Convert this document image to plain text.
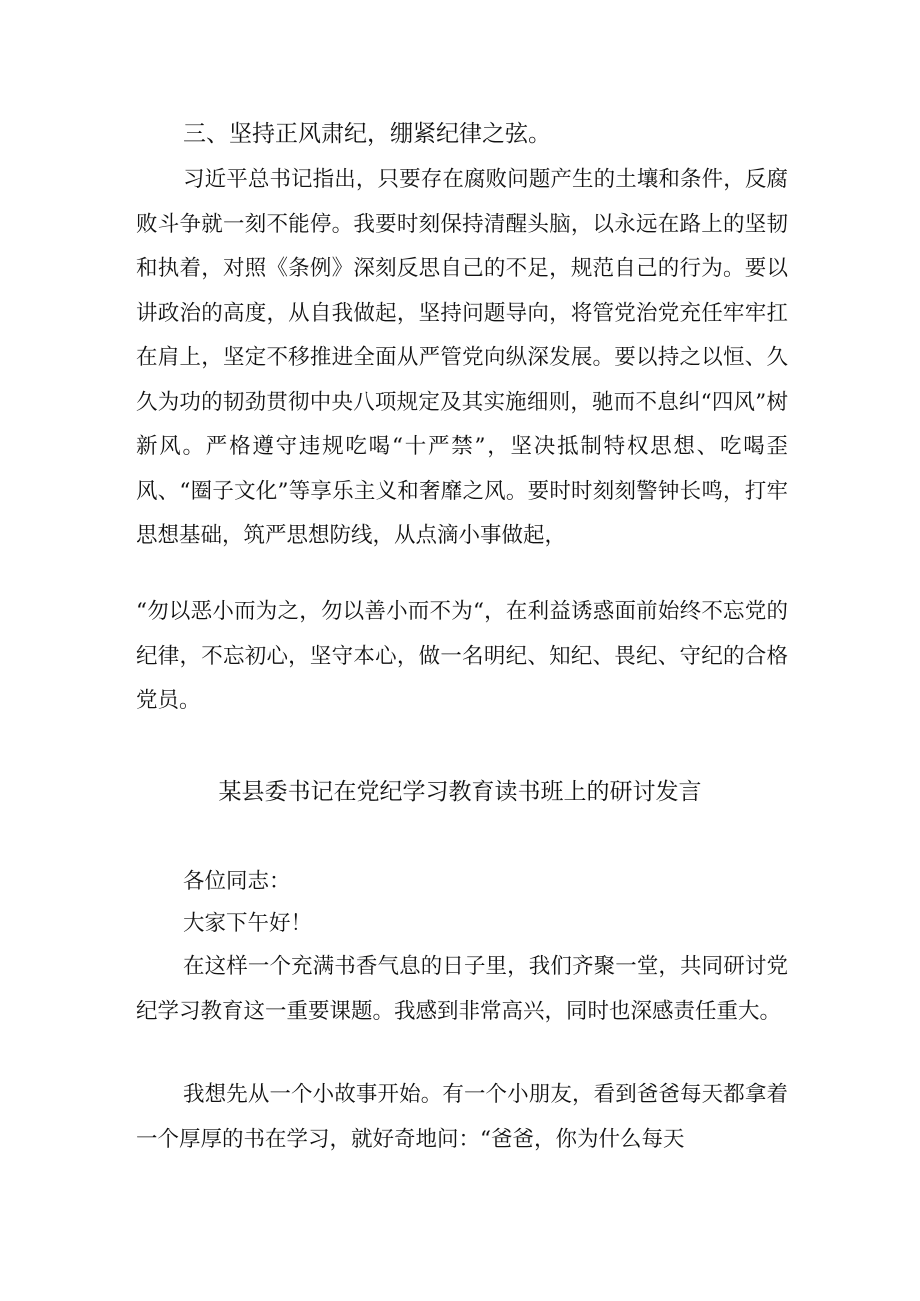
三、坚持正风肃纪，绷紧纪律之弦。
习近平总书记指出，只要存在腐败问题产生的土壤和条件，反腐败斗争就一刻不能停。我要时刻保持清醒头脑，以永远在路上的坚韧和执着，对照《条例》深刻反思自己的不足，规范自己的行为。要以讲政治的高度，从自我做起，坚持问题导向，将管党治党充任牢牢扛在肩上，坚定不移推进全面从严管党向纵深发展。要以持之以恒、久久为功的韧劲贯彻中央八项规定及其实施细则，驰而不息纠“四风”树新风。严格遵守违规吃喝“十严禁”，坚决抵制特权思想、吃喝歪风、“圈子文化”等享乐主义和奢靡之风。要时时刻刻警钟长鸣，打牢思想基础，筑严思想防线，从点滴小事做起，
“勿以恶小而为之，勿以善小而不为“，在利益诱惑面前始终不忘党的纪律，不忘初心，坚守本心，做一名明纪、知纪、畏纪、守纪的合格党员。
某县委书记在党纪学习教育读书班上的研讨发言
各位同志：
大家下午好！
在这样一个充满书香气息的日子里，我们齐聚一堂，共同研讨党纪学习教育这一重要课题。我感到非常高兴，同时也深感责任重大。
我想先从一个小故事开始。有一个小朋友，看到爸爸每天都拿着一个厚厚的书在学习，就好奇地问：“爸爸，你为什么每天
